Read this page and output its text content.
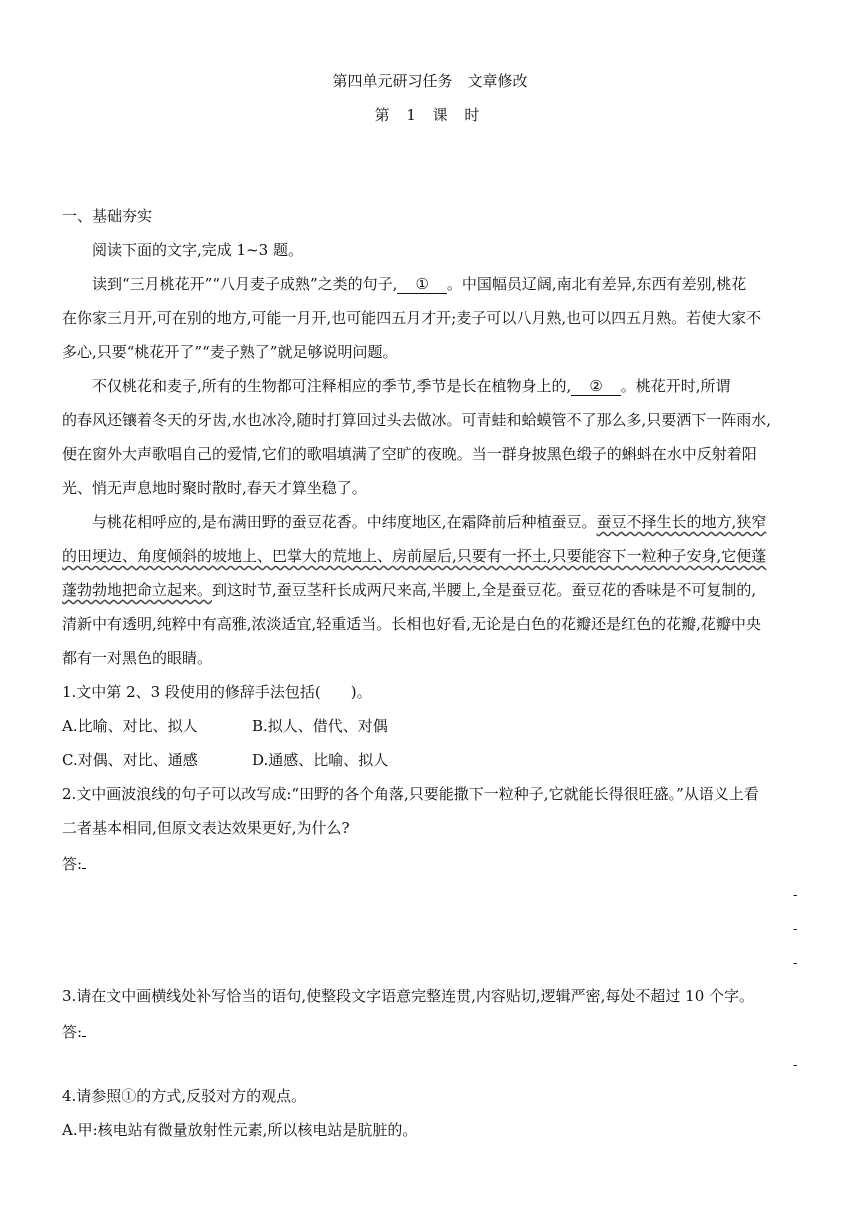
第四单元研习任务　文章修改
第 1 课 时
一、基础夯实
阅读下面的文字,完成 1~3 题。
读到“三月桃花开”“八月麦子成熟”之类的句子, ① 。中国幅员辽阔,南北有差异,东西有差别,桃花
在你家三月开,可在别的地方,可能一月开,也可能四五月才开;麦子可以八月熟,也可以四五月熟。若使大家不
多心,只要“桃花开了”“麦子熟了”就足够说明问题。
不仅桃花和麦子,所有的生物都可注释相应的季节,季节是长在植物身上的, ② 。桃花开时,所谓
的春风还镶着冬天的牙齿,水也冰冷,随时打算回过头去做冰。可青蛙和蛤蟆管不了那么多,只要洒下一阵雨水,
便在窗外大声歌唱自己的爱情,它们的歌唱填满了空旷的夜晚。当一群身披黑色缎子的蝌蚪在水中反射着阳
光、悄无声息地时聚时散时,春天才算坐稳了。
与桃花相呼应的,是布满田野的蚕豆花香。中纬度地区,在霜降前后种植蚕豆。蚕豆不择生长的地方,狭窄
的田埂边、角度倾斜的坡地上、巴掌大的荒地上、房前屋后,只要有一抔土,只要能容下一粒种子安身,它便蓬
蓬勃勃地把命立起来。到这时节,蚕豆茎秆长成两尺来高,半腰上,全是蚕豆花。蚕豆花的香味是不可复制的,
清新中有透明,纯粹中有高雅,浓淡适宜,轻重适当。长相也好看,无论是白色的花瓣还是红色的花瓣,花瓣中央
都有一对黑色的眼睛。
1.文中第 2、3 段使用的修辞手法包括(　　)。
A.比喻、对比、拟人	B.拟人、借代、对偶
C.对偶、对比、通感	D.通感、比喻、拟人
2.文中画波浪线的句子可以改写成:“田野的各个角落,只要能撒下一粒种子,它就能长得很旺盛。”从语义上看
二者基本相同,但原文表达效果更好,为什么?
答:
-
-
-
3.请在文中画横线处补写恰当的语句,使整段文字语意完整连贯,内容贴切,逻辑严密,每处不超过 10 个字。
答:
-
4.请参照①的方式,反驳对方的观点。
A.甲:核电站有微量放射性元素,所以核电站是肮脏的。
